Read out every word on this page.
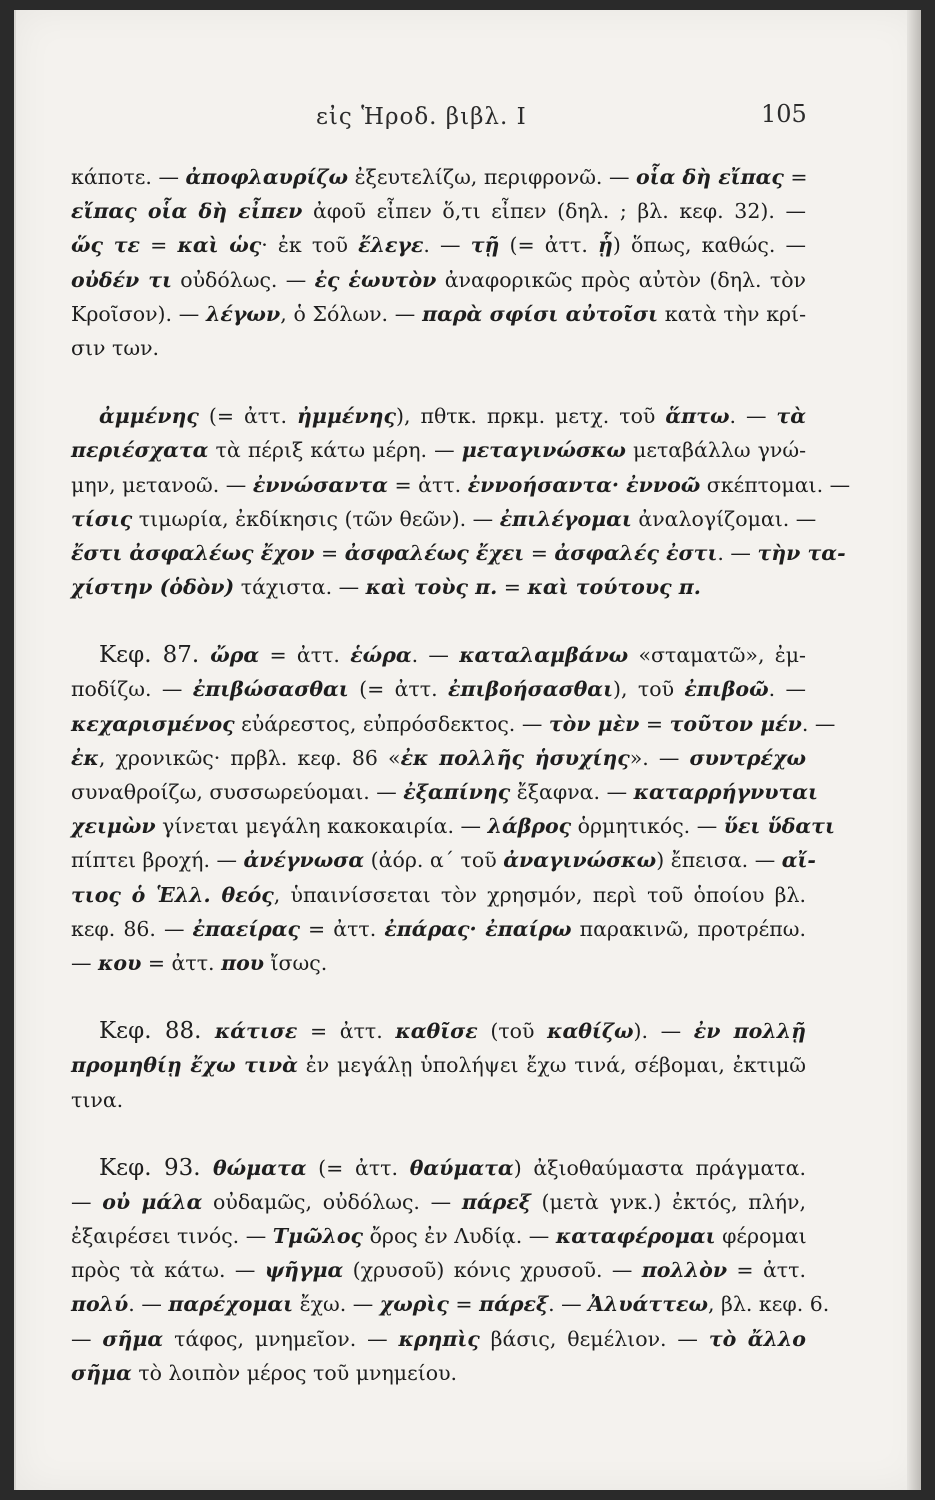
εἰς Ἡροδ. βιβλ. Ι	105
κάποτε. — ἀποφλαυρίζω ἐξευτελίζω, περιφρονῶ. — οἷα δὴ εἴπας =
εἴπας οἷα δὴ εἶπεν ἀφοῦ εἶπεν ὅ,τι εἶπεν (δηλ. ; βλ. κεφ. 32). —
ὥς τε = καὶ ὡς· ἐκ τοῦ ἔλεγε. — τῇ (= ἀττ. ᾗ) ὅπως, καθώς. —
οὐδέν τι οὐδόλως. — ἐς ἑωυτὸν ἀναφορικῶς πρὸς αὐτὸν (δηλ. τὸν
Κροῖσον). — λέγων, ὁ Σόλων. — παρὰ σφίσι αὐτοῖσι κατὰ τὴν κρί-
σιν των.
ἀμμένης (= ἀττ. ἠμμένης), πθτκ. πρκμ. μετχ. τοῦ ἅπτω. — τὰ
περιέσχατα τὰ πέριξ κάτω μέρη. — μεταγινώσκω μεταβάλλω γνώ-
μην, μετανοῶ. — ἐννώσαντα = ἀττ. ἐννοήσαντα· ἐννοῶ σκέπτομαι. —
τίσις τιμωρία, ἐκδίκησις (τῶν θεῶν). — ἐπιλέγομαι ἀναλογίζομαι. —
ἔστι ἀσφαλέως ἔχον = ἀσφαλέως ἔχει = ἀσφαλές ἐστι. — τὴν τα-
χίστην (ὁδὸν) τάχιστα. — καὶ τοὺς π. = καὶ τούτους π.
Κεφ. 87. ὤρα = ἀττ. ἑώρα. — καταλαμβάνω «σταματῶ», ἐμ-
ποδίζω. — ἐπιβώσασθαι (= ἀττ. ἐπιβοήσασθαι), τοῦ ἐπιβοῶ. —
κεχαρισμένος εὐάρεστος, εὐπρόσδεκτος. — τὸν μὲν = τοῦτον μέν. —
ἐκ, χρονικῶς· πρβλ. κεφ. 86 «ἐκ πολλῆς ἡσυχίης». — συντρέχω
συναθροίζω, συσσωρεύομαι. — ἐξαπίνης ἔξαφνα. — καταρρήγνυται
χειμὼν γίνεται μεγάλη κακοκαιρία. — λάβρος ὁρμητικός. — ὕει ὕδατι
πίπτει βροχή. — ἀνέγνωσα (ἀόρ. α´ τοῦ ἀναγινώσκω) ἔπεισα. — αἴ-
τιος ὁ Ἑλλ. θεός, ὑπαινίσσεται τὸν χρησμόν, περὶ τοῦ ὁποίου βλ.
κεφ. 86. — ἐπαείρας = ἀττ. ἐπάρας· ἐπαίρω παρακινῶ, προτρέπω.
— κου = ἀττ. που ἴσως.
Κεφ. 88. κάτισε = ἀττ. καθῖσε (τοῦ καθίζω). — ἐν πολλῇ
προμηθίῃ ἔχω τινὰ ἐν μεγάλῃ ὑπολήψει ἔχω τινά, σέβομαι, ἐκτιμῶ
τινα.
Κεφ. 93. θώματα (= ἀττ. θαύματα) ἀξιοθαύμαστα πράγματα.
— οὐ μάλα οὐδαμῶς, οὐδόλως. — πάρεξ (μετὰ γνκ.) ἐκτός, πλήν,
ἐξαιρέσει τινός. — Τμῶλος ὄρος ἐν Λυδίᾳ. — καταφέρομαι φέρομαι
πρὸς τὰ κάτω. — ψῆγμα (χρυσοῦ) κόνις χρυσοῦ. — πολλὸν = ἀττ.
πολύ. — παρέχομαι ἔχω. — χωρὶς = πάρεξ. — Ἀλυάττεω, βλ. κεφ. 6.
— σῆμα τάφος, μνημεῖον. — κρηπὶς βάσις, θεμέλιον. — τὸ ἄλλο
σῆμα τὸ λοιπὸν μέρος τοῦ μνημείου.
